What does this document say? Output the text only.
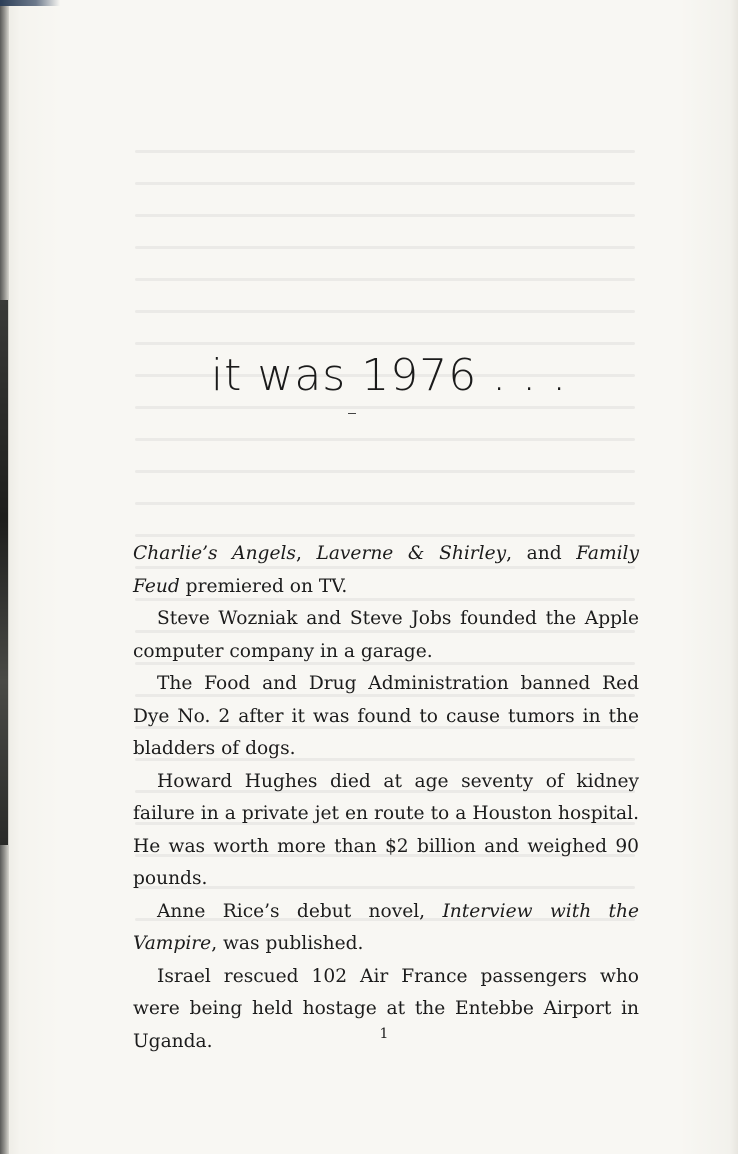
it was 1976 . . .

Charlie’s Angels, Laverne & Shirley, and Family Feud premiered on TV.

Steve Wozniak and Steve Jobs founded the Apple computer company in a garage.

The Food and Drug Administration banned Red Dye No. 2 after it was found to cause tumors in the bladders of dogs.

Howard Hughes died at age seventy of kidney failure in a private jet en route to a Houston hospital. He was worth more than $2 billion and weighed 90 pounds.

Anne Rice’s debut novel, Interview with the Vampire, was published.

Israel rescued 102 Air France passengers who were being held hostage at the Entebbe Airport in Uganda.	1
